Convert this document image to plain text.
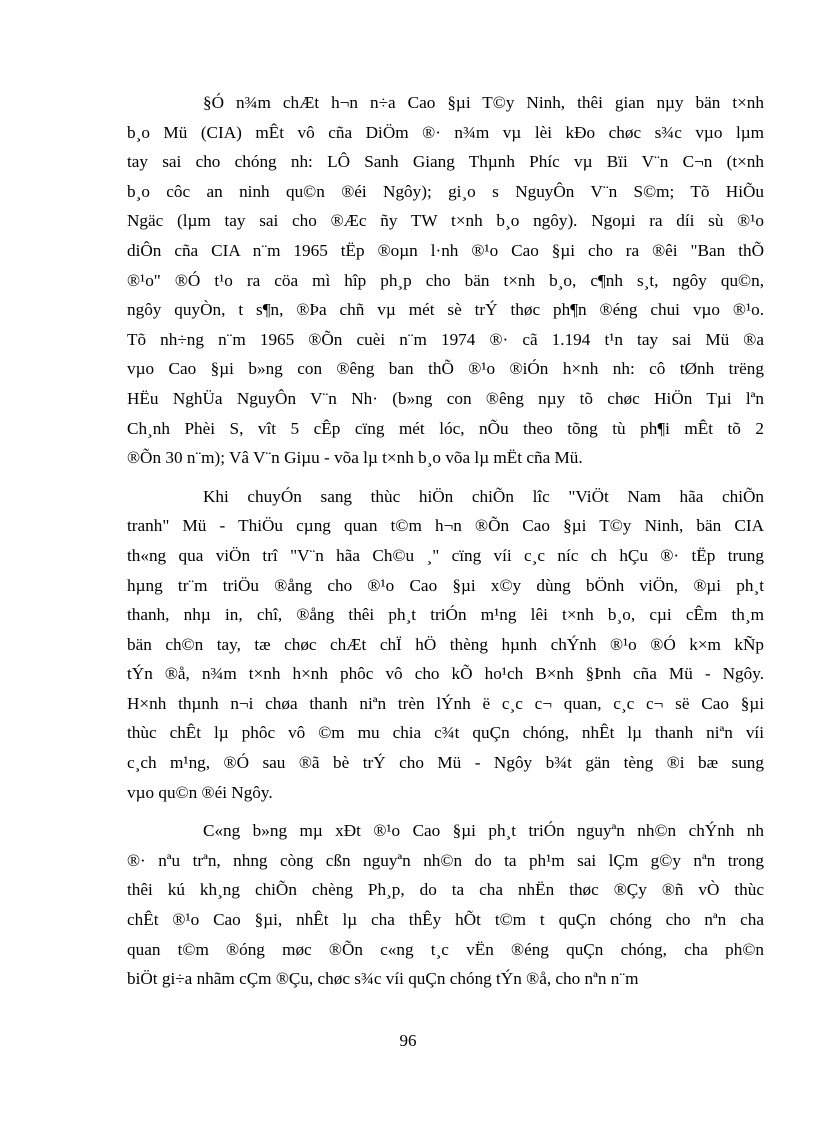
§Ó n¾m chÆt h¬n n÷a Cao §µi T©y Ninh, thêi gian nµy bän t×nh
b¸o Mü (CIA) mÊt vô cña DiÖm ®· n¾m vµ lèi kÐo chøc s¾c vµo lµm
tay sai cho chóng nh: LÔ Sanh Giang Thµnh Phíc vµ Bïi V¨n C¬n (t×nh
b¸o côc an ninh qu©n ®éi Ngôy); gi¸o s NguyÔn V¨n S©m; Tõ HiÕu
Ngäc (lµm tay sai cho ®Æc ñy TW t×nh b¸o ngôy). Ngoµi ra díi sù ®¹o
diÔn cña CIA n¨m 1965 tËp ®oµn l·nh ®¹o Cao §µi cho ra ®êi "Ban thÕ
®¹o" ®Ó t¹o ra cöa mì hîp ph¸p cho bän t×nh b¸o, c¶nh s¸t, ngôy qu©n,
ngôy quyÒn, t s¶n, ®Þa chñ vµ mét sè trÝ thøc ph¶n ®éng chui vµo ®¹o.
Tõ nh÷ng n¨m 1965 ®Õn cuèi n¨m 1974 ®· cã 1.194 t¹n tay sai Mü ®a
vµo Cao §µi b»ng con ®êng ban thÕ ®¹o ®iÓn h×nh nh: cô tØnh trëng
HËu NghÜa NguyÔn V¨n Nh· (b»ng con ®êng nµy tõ chøc HiÖn Tµi lªn
Ch¸nh Phèi S, vît 5 cÊp cïng mét lóc, nÕu theo tõng tù ph¶i mÊt tõ 2
®Õn 30 n¨m); Vâ V¨n Giµu - võa lµ t×nh b¸o võa lµ mËt cña Mü.
Khi chuyÓn sang thùc hiÖn chiÕn lîc "ViÖt Nam hãa chiÕn
tranh" Mü - ThiÖu cµng quan t©m h¬n ®Õn Cao §µi T©y Ninh, bän CIA
th«ng qua viÖn trî "V¨n hãa Ch©u ¸" cïng víi c¸c níc ch hÇu ®· tËp trung
hµng tr¨m triÖu ®ång cho ®¹o Cao §µi x©y dùng bÖnh viÖn, ®µi ph¸t
thanh, nhµ in, chî, ®ång thêi ph¸t triÓn m¹ng lêi t×nh b¸o, cµi cÊm th¸m
bän ch©n tay, tæ chøc chÆt chÏ hÖ thèng hµnh chÝnh ®¹o ®Ó k×m kÑp
tÝn ®å, n¾m t×nh h×nh phôc vô cho kÕ ho¹ch B×nh §Þnh cña Mü - Ngôy.
H×nh thµnh n¬i chøa thanh niªn trèn lÝnh ë c¸c c¬ quan, c¸c c¬ së Cao §µi
thùc chÊt lµ phôc vô ©m mu chia c¾t quÇn chóng, nhÊt lµ thanh niªn víi
c¸ch m¹ng, ®Ó sau ®ã bè trÝ cho Mü - Ngôy b¾t gän tèng ®i bæ sung
vµo qu©n ®éi Ngôy.
C«ng b»ng mµ xÐt ®¹o Cao §µi ph¸t triÓn nguyªn nh©n chÝnh nh
®· nªu trªn, nhng còng cßn nguyªn nh©n do ta ph¹m sai lÇm g©y nªn trong
thêi kú kh¸ng chiÕn chèng Ph¸p, do ta cha nhËn thøc ®Çy ®ñ vÒ thùc
chÊt ®¹o Cao §µi, nhÊt lµ cha thÊy hÕt t©m t quÇn chóng cho nªn cha
quan t©m ®óng møc ®Õn c«ng t¸c vËn ®éng quÇn chóng, cha ph©n
biÖt gi÷a nhãm cÇm ®Çu, chøc s¾c víi quÇn chóng tÝn ®å, cho nªn n¨m
96
